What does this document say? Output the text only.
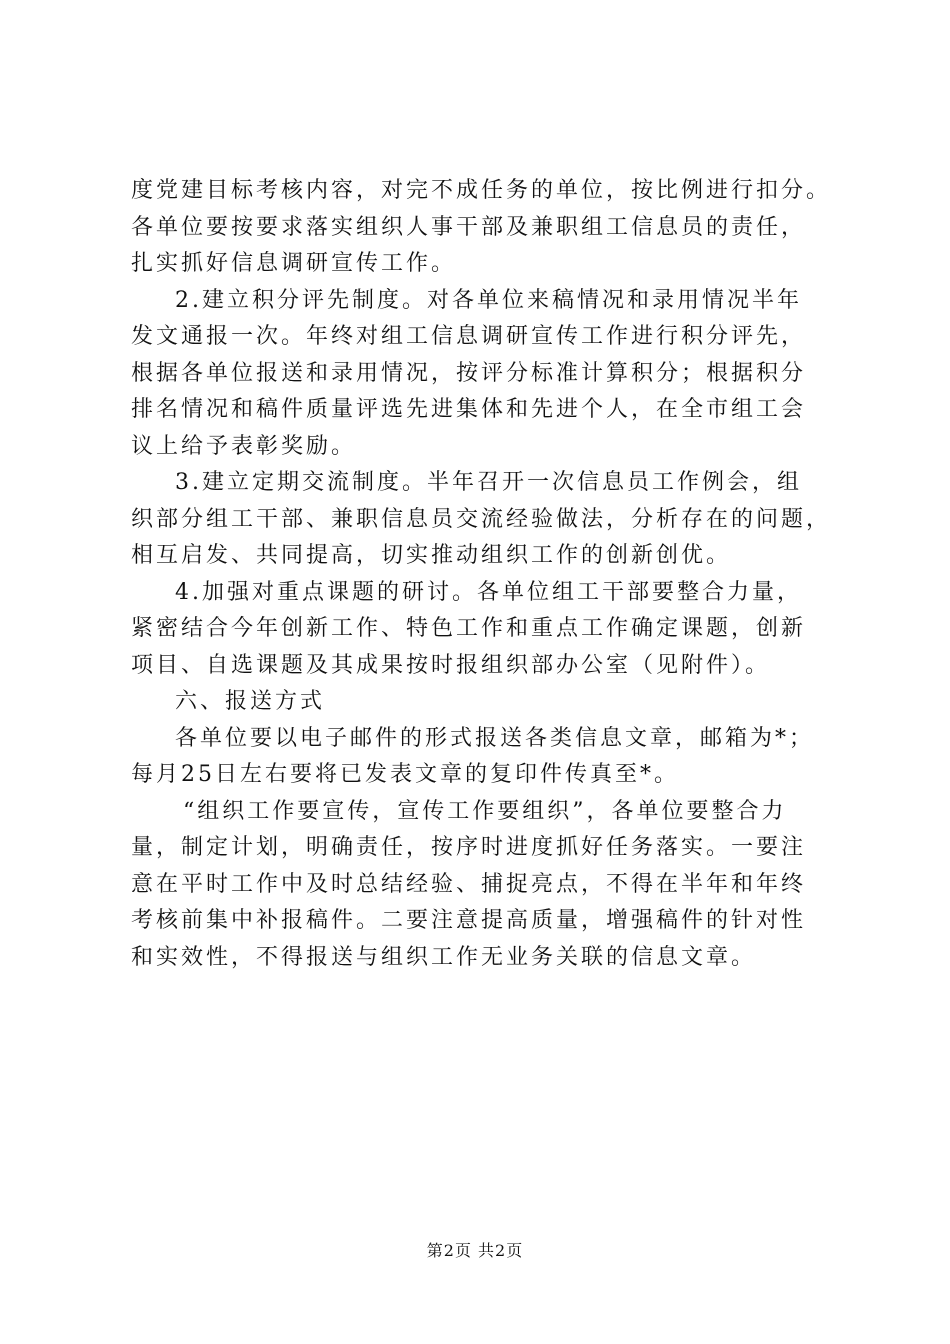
度党建目标考核内容，对完不成任务的单位，按比例进行扣分。
各单位要按要求落实组织人事干部及兼职组工信息员的责任，
扎实抓好信息调研宣传工作。
2.建立积分评先制度。对各单位来稿情况和录用情况半年
发文通报一次。年终对组工信息调研宣传工作进行积分评先，
根据各单位报送和录用情况，按评分标准计算积分；根据积分
排名情况和稿件质量评选先进集体和先进个人，在全市组工会
议上给予表彰奖励。
3.建立定期交流制度。半年召开一次信息员工作例会，组
织部分组工干部、兼职信息员交流经验做法，分析存在的问题，
相互启发、共同提高，切实推动组织工作的创新创优。
4.加强对重点课题的研讨。各单位组工干部要整合力量，
紧密结合今年创新工作、特色工作和重点工作确定课题，创新
项目、自选课题及其成果按时报组织部办公室（见附件）。
六、报送方式
各单位要以电子邮件的形式报送各类信息文章，邮箱为*；
每月25日左右要将已发表文章的复印件传真至*。
“组织工作要宣传，宣传工作要组织”，各单位要整合力
量，制定计划，明确责任，按序时进度抓好任务落实。一要注
意在平时工作中及时总结经验、捕捉亮点，不得在半年和年终
考核前集中补报稿件。二要注意提高质量，增强稿件的针对性
和实效性，不得报送与组织工作无业务关联的信息文章。
第2页 共2页
